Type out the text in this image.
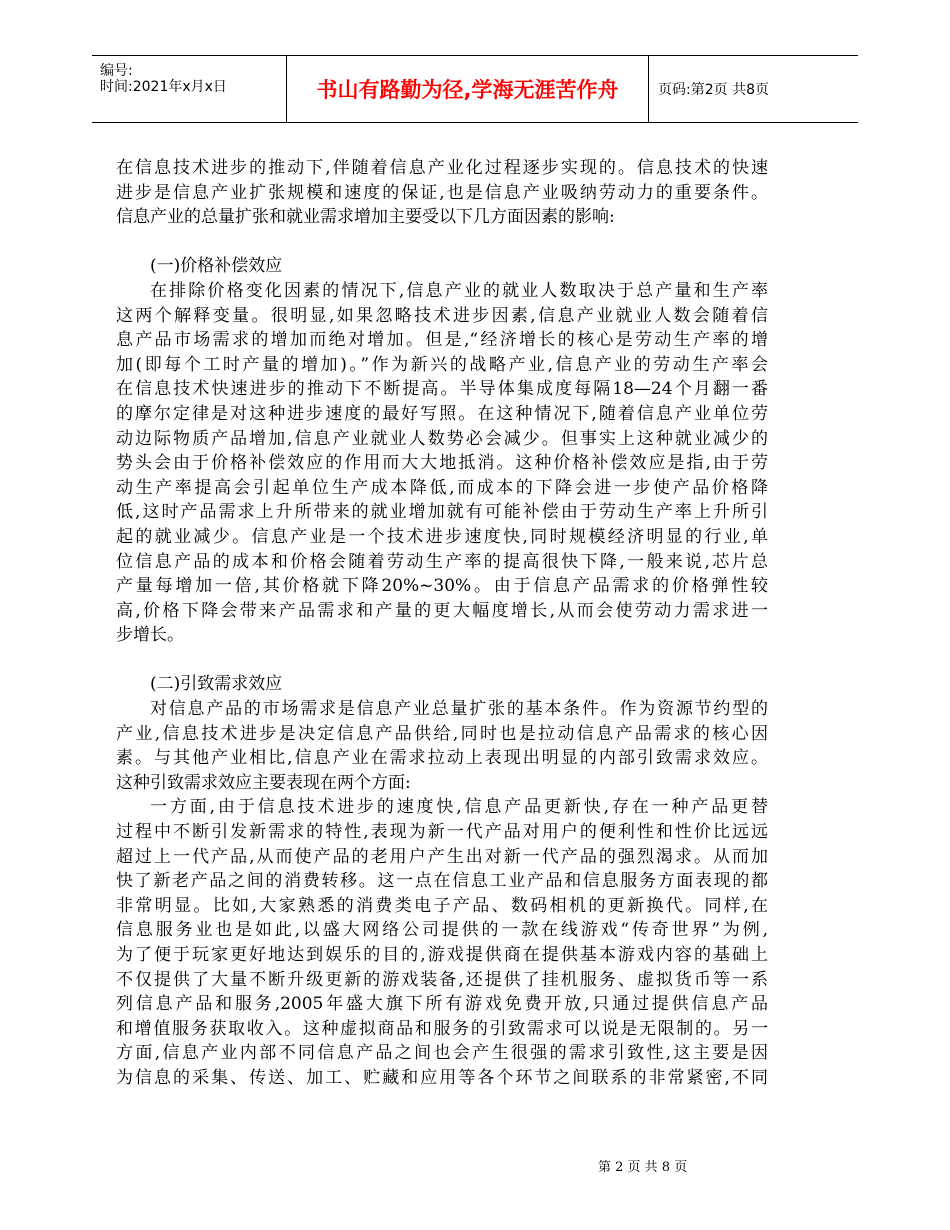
编号:
时间:2021年x月x日	书山有路勤为径,学海无涯苦作舟	页码:第2页 共8页
在信息技术进步的推动下,伴随着信息产业化过程逐步实现的。信息技术的快速
进步是信息产业扩张规模和速度的保证,也是信息产业吸纳劳动力的重要条件。
信息产业的总量扩张和就业需求增加主要受以下几方面因素的影响:
(一)价格补偿效应
在排除价格变化因素的情况下,信息产业的就业人数取决于总产量和生产率
这两个解释变量。很明显,如果忽略技术进步因素,信息产业就业人数会随着信
息产品市场需求的增加而绝对增加。但是,“经济增长的核心是劳动生产率的增
加(即每个工时产量的增加)。”作为新兴的战略产业,信息产业的劳动生产率会
在信息技术快速进步的推动下不断提高。半导体集成度每隔18—24个月翻一番
的摩尔定律是对这种进步速度的最好写照。在这种情况下,随着信息产业单位劳
动边际物质产品增加,信息产业就业人数势必会减少。但事实上这种就业减少的
势头会由于价格补偿效应的作用而大大地抵消。这种价格补偿效应是指,由于劳
动生产率提高会引起单位生产成本降低,而成本的下降会进一步使产品价格降
低,这时产品需求上升所带来的就业增加就有可能补偿由于劳动生产率上升所引
起的就业减少。信息产业是一个技术进步速度快,同时规模经济明显的行业,单
位信息产品的成本和价格会随着劳动生产率的提高很快下降,一般来说,芯片总
产量每增加一倍,其价格就下降20%~30%。由于信息产品需求的价格弹性较
高,价格下降会带来产品需求和产量的更大幅度增长,从而会使劳动力需求进一
步增长。
(二)引致需求效应
对信息产品的市场需求是信息产业总量扩张的基本条件。作为资源节约型的
产业,信息技术进步是决定信息产品供给,同时也是拉动信息产品需求的核心因
素。与其他产业相比,信息产业在需求拉动上表现出明显的内部引致需求效应。
这种引致需求效应主要表现在两个方面:
一方面,由于信息技术进步的速度快,信息产品更新快,存在一种产品更替
过程中不断引发新需求的特性,表现为新一代产品对用户的便利性和性价比远远
超过上一代产品,从而使产品的老用户产生出对新一代产品的强烈渴求。从而加
快了新老产品之间的消费转移。这一点在信息工业产品和信息服务方面表现的都
非常明显。比如,大家熟悉的消费类电子产品、数码相机的更新换代。同样,在
信息服务业也是如此,以盛大网络公司提供的一款在线游戏“传奇世界”为例,
为了便于玩家更好地达到娱乐的目的,游戏提供商在提供基本游戏内容的基础上
不仅提供了大量不断升级更新的游戏装备,还提供了挂机服务、虚拟货币等一系
列信息产品和服务,2005年盛大旗下所有游戏免费开放,只通过提供信息产品
和增值服务获取收入。这种虚拟商品和服务的引致需求可以说是无限制的。另一
方面,信息产业内部不同信息产品之间也会产生很强的需求引致性,这主要是因
为信息的采集、传送、加工、贮藏和应用等各个环节之间联系的非常紧密,不同
第 2 页 共 8 页
